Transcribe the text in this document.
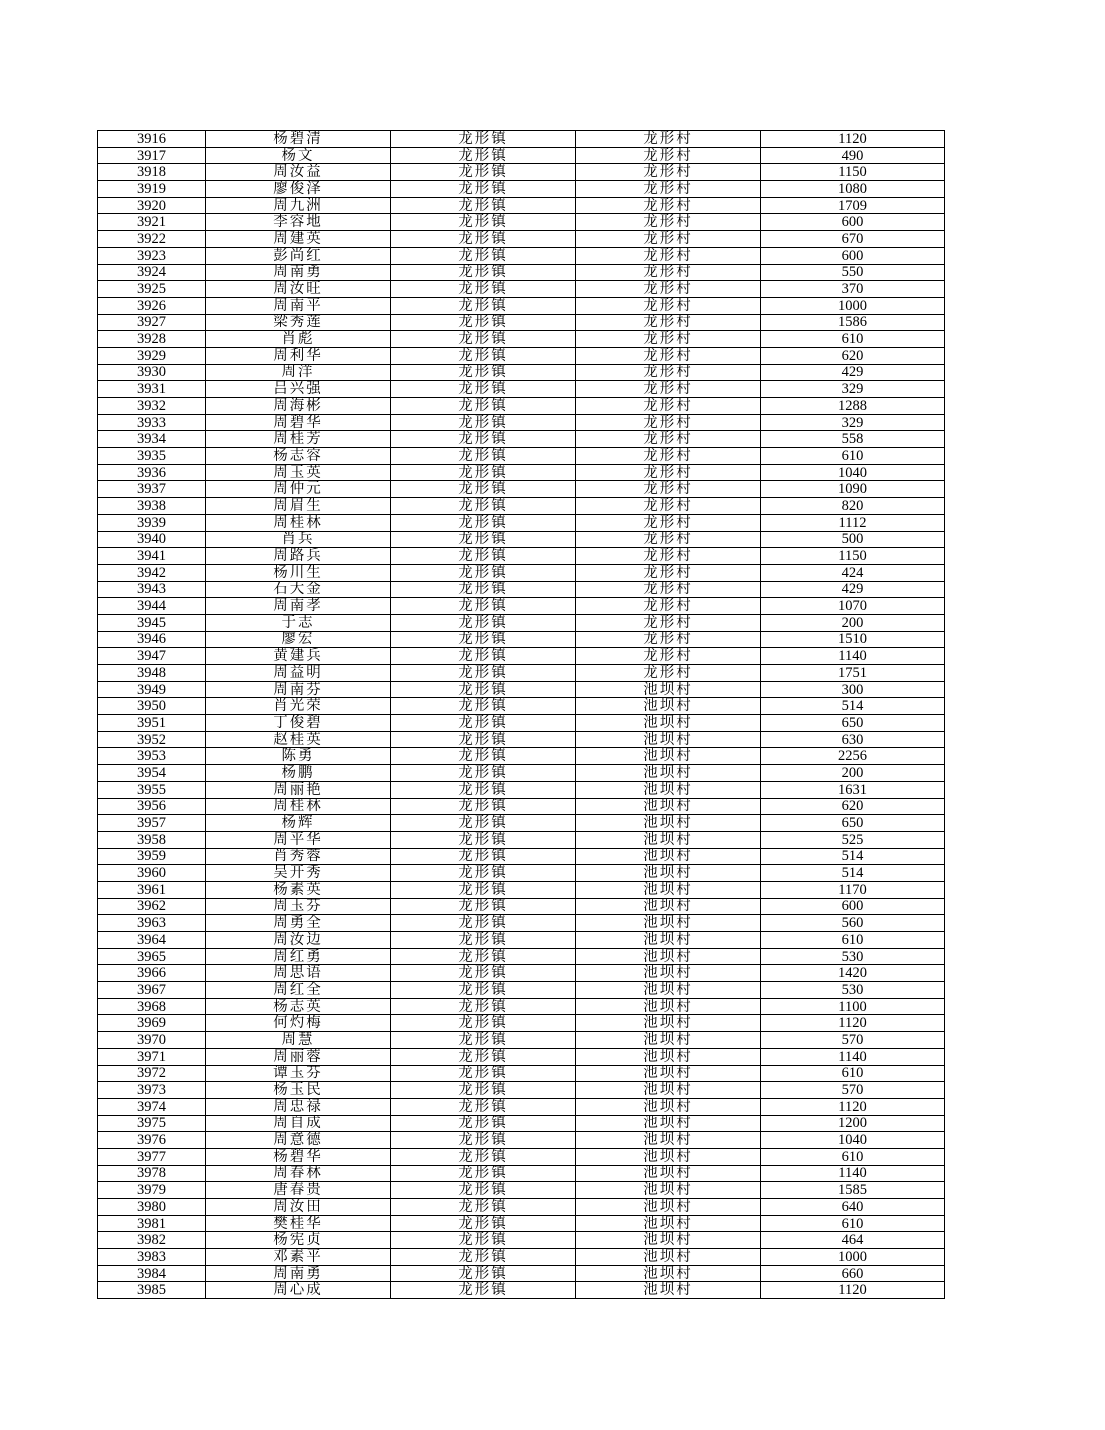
3916	杨碧清	龙形镇	龙形村	1120
3917	杨文	龙形镇	龙形村	490
3918	周汝益	龙形镇	龙形村	1150
3919	廖俊泽	龙形镇	龙形村	1080
3920	周九洲	龙形镇	龙形村	1709
3921	李容地	龙形镇	龙形村	600
3922	周建英	龙形镇	龙形村	670
3923	彭尚红	龙形镇	龙形村	600
3924	周南勇	龙形镇	龙形村	550
3925	周汝旺	龙形镇	龙形村	370
3926	周南平	龙形镇	龙形村	1000
3927	梁秀莲	龙形镇	龙形村	1586
3928	肖彪	龙形镇	龙形村	610
3929	周利华	龙形镇	龙形村	620
3930	周洋	龙形镇	龙形村	429
3931	吕兴强	龙形镇	龙形村	329
3932	周海彬	龙形镇	龙形村	1288
3933	周碧华	龙形镇	龙形村	329
3934	周桂芳	龙形镇	龙形村	558
3935	杨志容	龙形镇	龙形村	610
3936	周玉英	龙形镇	龙形村	1040
3937	周仲元	龙形镇	龙形村	1090
3938	周眉生	龙形镇	龙形村	820
3939	周桂林	龙形镇	龙形村	1112
3940	肖兵	龙形镇	龙形村	500
3941	周路兵	龙形镇	龙形村	1150
3942	杨川生	龙形镇	龙形村	424
3943	石大金	龙形镇	龙形村	429
3944	周南孝	龙形镇	龙形村	1070
3945	于志	龙形镇	龙形村	200
3946	廖宏	龙形镇	龙形村	1510
3947	黄建兵	龙形镇	龙形村	1140
3948	周益明	龙形镇	龙形村	1751
3949	周南芬	龙形镇	池坝村	300
3950	肖光荣	龙形镇	池坝村	514
3951	丁俊碧	龙形镇	池坝村	650
3952	赵桂英	龙形镇	池坝村	630
3953	陈勇	龙形镇	池坝村	2256
3954	杨鹏	龙形镇	池坝村	200
3955	周丽艳	龙形镇	池坝村	1631
3956	周桂林	龙形镇	池坝村	620
3957	杨辉	龙形镇	池坝村	650
3958	周平华	龙形镇	池坝村	525
3959	肖秀蓉	龙形镇	池坝村	514
3960	吴开秀	龙形镇	池坝村	514
3961	杨素英	龙形镇	池坝村	1170
3962	周玉芬	龙形镇	池坝村	600
3963	周勇全	龙形镇	池坝村	560
3964	周汝边	龙形镇	池坝村	610
3965	周红勇	龙形镇	池坝村	530
3966	周思语	龙形镇	池坝村	1420
3967	周红全	龙形镇	池坝村	530
3968	杨志英	龙形镇	池坝村	1100
3969	何灼梅	龙形镇	池坝村	1120
3970	周慧	龙形镇	池坝村	570
3971	周丽蓉	龙形镇	池坝村	1140
3972	谭玉芬	龙形镇	池坝村	610
3973	杨玉民	龙形镇	池坝村	570
3974	周忠禄	龙形镇	池坝村	1120
3975	周自成	龙形镇	池坝村	1200
3976	周意德	龙形镇	池坝村	1040
3977	杨碧华	龙形镇	池坝村	610
3978	周春林	龙形镇	池坝村	1140
3979	唐春贵	龙形镇	池坝村	1585
3980	周汝田	龙形镇	池坝村	640
3981	樊桂华	龙形镇	池坝村	610
3982	杨宪贞	龙形镇	池坝村	464
3983	邓素平	龙形镇	池坝村	1000
3984	周南勇	龙形镇	池坝村	660
3985	周心成	龙形镇	池坝村	1120
